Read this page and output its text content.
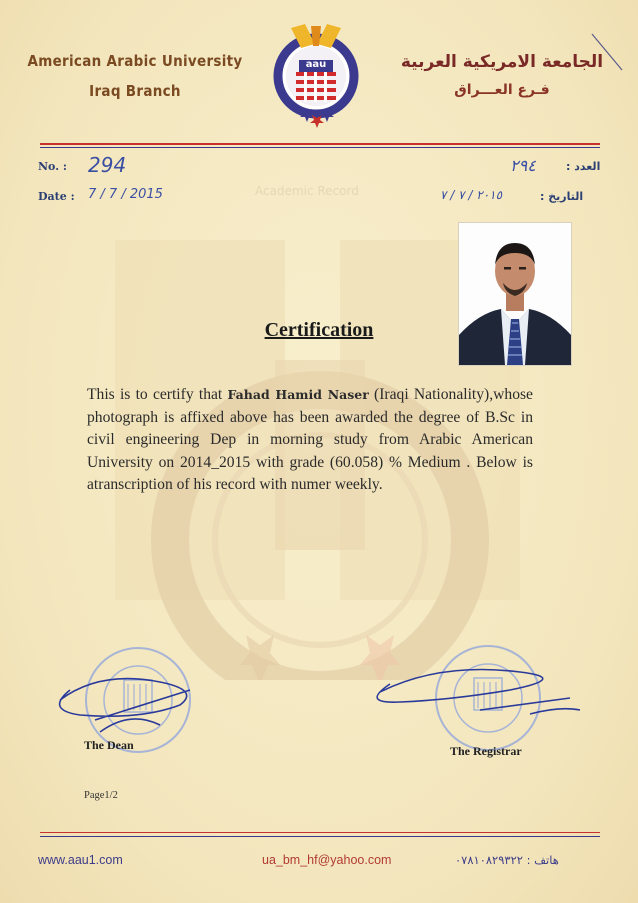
Academic Record
American Arabic University
Iraq Branch
aau	الجامعة الامريكية العربية
فـرع العـــراق
No. : 294
Date : 7 / 7 / 2015
العدد :
٢٩٤
التاريخ :
٢٠١٥ / ٧ / ٧
Certification
This is to certify that Fahad Hamid Naser (Iraqi Nationality),whose photograph is affixed above has been awarded the degree of B.Sc in civil engineering Dep in morning study from Arabic American University on 2014_2015 with grade (60.058) % Medium . Below is atranscription of his record with numer weekly.
The Dean	The Registrar
Page1/2
www.aau1.com	ua_bm_hf@yahoo.com	هاتف : ٠٧٨١٠٨٢٩٣٢٢
